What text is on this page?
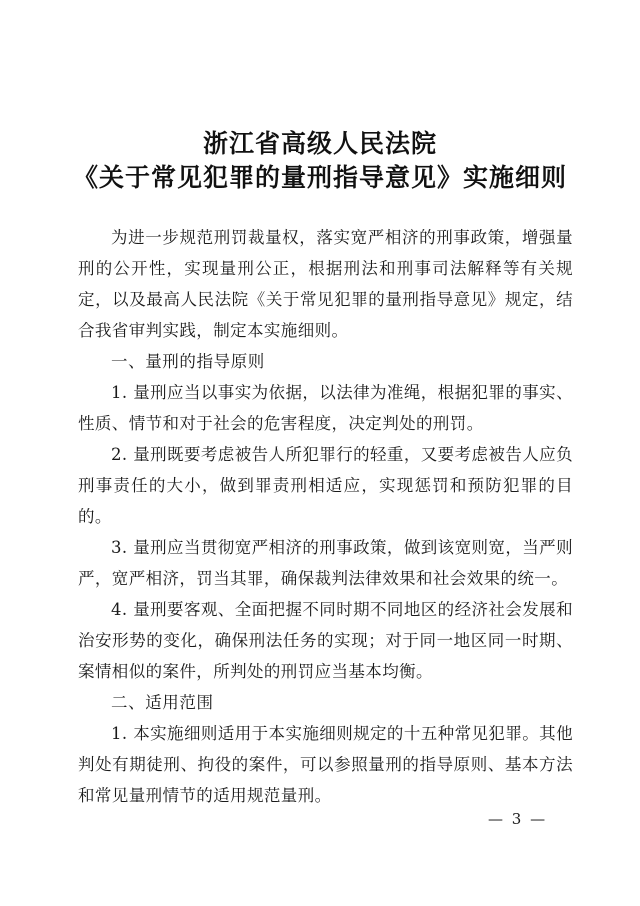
浙江省高级人民法院
《关于常见犯罪的量刑指导意见》实施细则

为进一步规范刑罚裁量权，落实宽严相济的刑事政策，增强量刑的公开性，实现量刑公正，根据刑法和刑事司法解释等有关规定，以及最高人民法院《关于常见犯罪的量刑指导意见》规定，结合我省审判实践，制定本实施细则。

一、量刑的指导原则

1. 量刑应当以事实为依据，以法律为准绳，根据犯罪的事实、性质、情节和对于社会的危害程度，决定判处的刑罚。

2. 量刑既要考虑被告人所犯罪行的轻重，又要考虑被告人应负刑事责任的大小，做到罪责刑相适应，实现惩罚和预防犯罪的目的。

3. 量刑应当贯彻宽严相济的刑事政策，做到该宽则宽，当严则严，宽严相济，罚当其罪，确保裁判法律效果和社会效果的统一。

4. 量刑要客观、全面把握不同时期不同地区的经济社会发展和治安形势的变化，确保刑法任务的实现；对于同一地区同一时期、案情相似的案件，所判处的刑罚应当基本均衡。

二、适用范围

1. 本实施细则适用于本实施细则规定的十五种常见犯罪。其他判处有期徒刑、拘役的案件，可以参照量刑的指导原则、基本方法和常见量刑情节的适用规范量刑。

— 3 —
